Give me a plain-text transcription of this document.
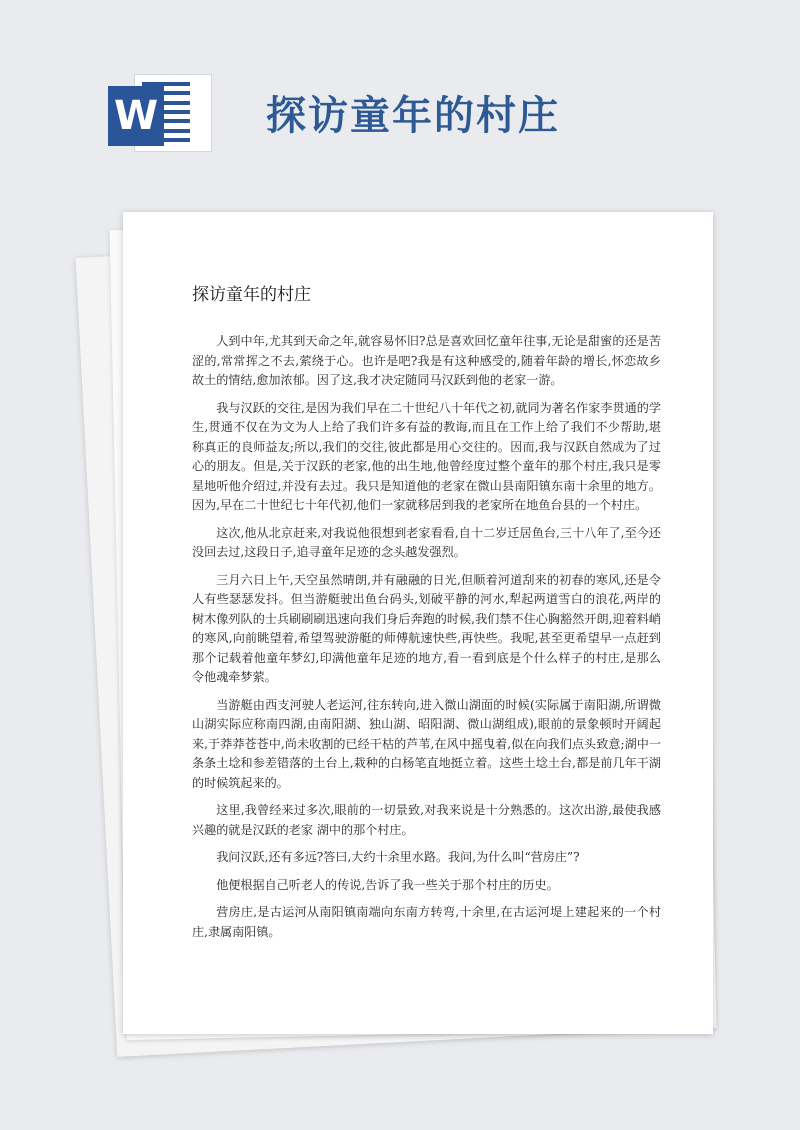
W	探访童年的村庄
探访童年的村庄

人到中年,尤其到天命之年,就容易怀旧?总是喜欢回忆童年往事,无论是甜蜜的还是苦涩的,常常挥之不去,萦绕于心。也许是吧?我是有这种感受的,随着年龄的增长,怀恋故乡故土的情结,愈加浓郁。因了这,我才决定随同马汉跃到他的老家一游。

我与汉跃的交往,是因为我们早在二十世纪八十年代之初,就同为著名作家李贯通的学生,贯通不仅在为文为人上给了我们许多有益的教诲,而且在工作上给了我们不少帮助,堪称真正的良师益友;所以,我们的交往,彼此都是用心交往的。因而,我与汉跃自然成为了过心的朋友。但是,关于汉跃的老家,他的出生地,他曾经度过整个童年的那个村庄,我只是零星地听他介绍过,并没有去过。我只是知道他的老家在微山县南阳镇东南十余里的地方。因为,早在二十世纪七十年代初,他们一家就移居到我的老家所在地鱼台县的一个村庄。

这次,他从北京赶来,对我说他很想到老家看看,自十二岁迁居鱼台,三十八年了,至今还没回去过,这段日子,追寻童年足迹的念头越发强烈。

三月六日上午,天空虽然晴朗,并有融融的日光,但顺着河道刮来的初春的寒风,还是令人有些瑟瑟发抖。但当游艇驶出鱼台码头,划破平静的河水,犁起两道雪白的浪花,两岸的树木像列队的士兵刷刷刷迅速向我们身后奔跑的时候,我们禁不住心胸豁然开朗,迎着料峭的寒风,向前眺望着,希望驾驶游艇的师傅航速快些,再快些。我呢,甚至更希望早一点赶到那个记载着他童年梦幻,印满他童年足迹的地方,看一看到底是个什么样子的村庄,是那么令他魂牵梦萦。

当游艇由西支河驶人老运河,往东转向,进入微山湖面的时候(实际属于南阳湖,所谓微山湖实际应称南四湖,由南阳湖、独山湖、昭阳湖、微山湖组成),眼前的景象顿时开阔起来,于莽莽苍苍中,尚未收割的已经干枯的芦苇,在风中摇曳着,似在向我们点头致意;湖中一条条土埝和参差错落的土台上,栽种的白杨笔直地挺立着。这些土埝土台,都是前几年干湖的时候筑起来的。

这里,我曾经来过多次,眼前的一切景致,对我来说是十分熟悉的。这次出游,最使我感兴趣的就是汉跃的老家 湖中的那个村庄。

我问汉跃,还有多远?答曰,大约十余里水路。我问,为什么叫“营房庄”?

他便根据自己听老人的传说,告诉了我一些关于那个村庄的历史。

营房庄,是古运河从南阳镇南端向东南方转弯,十余里,在古运河堤上建起来的一个村庄,隶属南阳镇。
